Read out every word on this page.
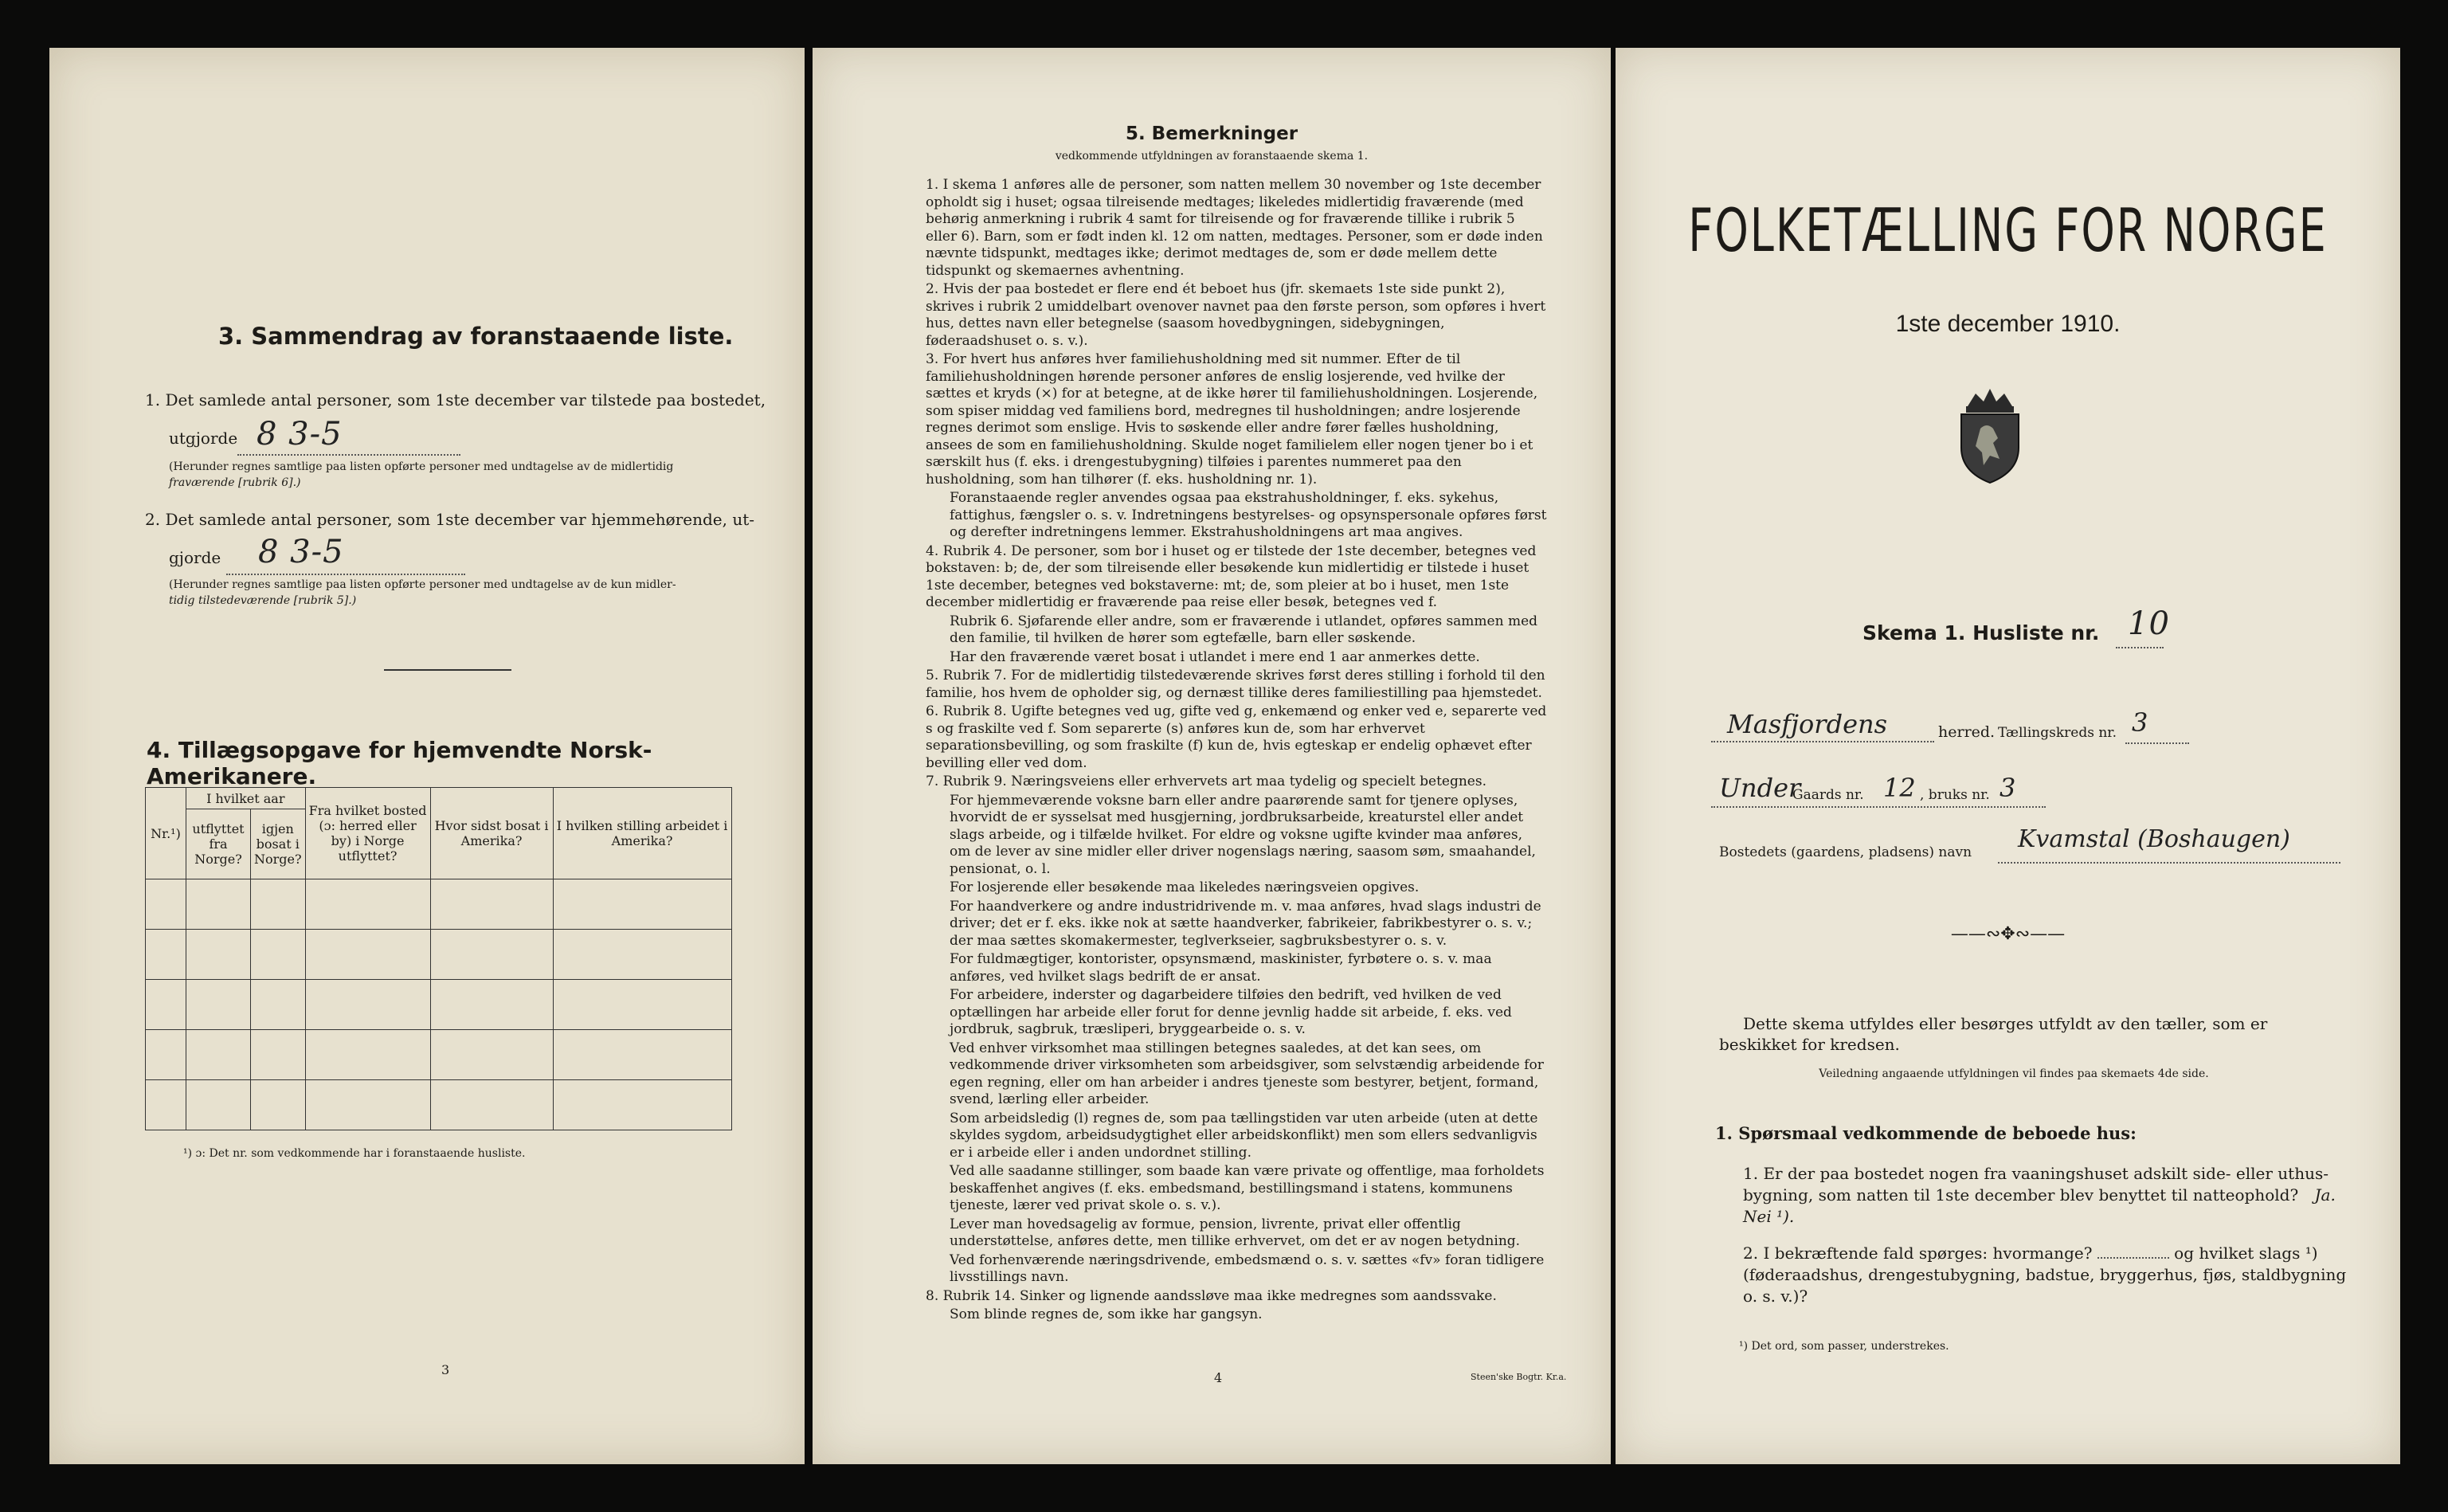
3. Sammendrag av foranstaaende liste.
1. Det samlede antal personer, som 1ste december var tilstede paa bostedet,
utgjorde 8 3-5
(Herunder regnes samtlige paa listen opførte personer med undtagelse av de midlertidig
fraværende [rubrik 6].)
2. Det samlede antal personer, som 1ste december var hjemmehørende, ut-
gjorde 8 3-5
(Herunder regnes samtlige paa listen opførte personer med undtagelse av de kun midler-
tidig tilstedeværende [rubrik 5].)
4. Tillægsopgave for hjemvendte Norsk-Amerikanere.
Nr.¹)	I hvilket aar		Fra hvilket bosted (ɔ: herred eller by) i Norge utflyttet?	Hvor sidst bosat i Amerika?	I hvilken stilling arbeidet i Amerika?
	utflyttet fra Norge?	igjen bosat i Norge?			

¹) ɔ: Det nr. som vedkommende har i foranstaaende husliste.
3
5. Bemerkninger
vedkommende utfyldningen av foranstaaende skema 1.

1. I skema 1 anføres alle de personer, som natten mellem 30 november og 1ste december opholdt sig i huset; ogsaa tilreisende medtages; likeledes midlertidig fraværende (med behørig anmerkning i rubrik 4 samt for tilreisende og for fraværende tillike i rubrik 5 eller 6). Barn, som er født inden kl. 12 om natten, medtages. Personer, som er døde inden nævnte tidspunkt, medtages ikke; derimot medtages de, som er døde mellem dette tidspunkt og skemaernes avhentning.

2. Hvis der paa bostedet er flere end ét beboet hus (jfr. skemaets 1ste side punkt 2), skrives i rubrik 2 umiddelbart ovenover navnet paa den første person, som opføres i hvert hus, dettes navn eller betegnelse (saasom hovedbygningen, sidebygningen, føderaadshuset o. s. v.).

3. For hvert hus anføres hver familiehusholdning med sit nummer. Efter de til familiehusholdningen hørende personer anføres de enslig losjerende, ved hvilke der sættes et kryds (×) for at betegne, at de ikke hører til familiehusholdningen. Losjerende, som spiser middag ved familiens bord, medregnes til husholdningen; andre losjerende regnes derimot som enslige. Hvis to søskende eller andre fører fælles husholdning, ansees de som en familiehusholdning. Skulde noget familielem eller nogen tjener bo i et særskilt hus (f. eks. i drengestubygning) tilføies i parentes nummeret paa den husholdning, som han tilhører (f. eks. husholdning nr. 1).

Foranstaaende regler anvendes ogsaa paa ekstrahusholdninger, f. eks. sykehus, fattighus, fængsler o. s. v. Indretningens bestyrelses- og opsynspersonale opføres først og derefter indretningens lemmer. Ekstrahusholdningens art maa angives.

4. Rubrik 4. De personer, som bor i huset og er tilstede der 1ste december, betegnes ved bokstaven: b; de, der som tilreisende eller besøkende kun midlertidig er tilstede i huset 1ste december, betegnes ved bokstaverne: mt; de, som pleier at bo i huset, men 1ste december midlertidig er fraværende paa reise eller besøk, betegnes ved f.

Rubrik 6. Sjøfarende eller andre, som er fraværende i utlandet, opføres sammen med den familie, til hvilken de hører som egtefælle, barn eller søskende.

Har den fraværende været bosat i utlandet i mere end 1 aar anmerkes dette.

5. Rubrik 7. For de midlertidig tilstedeværende skrives først deres stilling i forhold til den familie, hos hvem de opholder sig, og dernæst tillike deres familiestilling paa hjemstedet.

6. Rubrik 8. Ugifte betegnes ved ug, gifte ved g, enkemænd og enker ved e, separerte ved s og fraskilte ved f. Som separerte (s) anføres kun de, som har erhvervet separationsbevilling, og som fraskilte (f) kun de, hvis egteskap er endelig ophævet efter bevilling eller ved dom.

7. Rubrik 9. Næringsveiens eller erhvervets art maa tydelig og specielt betegnes.

For hjemmeværende voksne barn eller andre paarørende samt for tjenere oplyses, hvorvidt de er sysselsat med husgjerning, jordbruksarbeide, kreaturstel eller andet slags arbeide, og i tilfælde hvilket. For eldre og voksne ugifte kvinder maa anføres, om de lever av sine midler eller driver nogenslags næring, saasom søm, smaahandel, pensionat, o. l.

For losjerende eller besøkende maa likeledes næringsveien opgives.

For haandverkere og andre industridrivende m. v. maa anføres, hvad slags industri de driver; det er f. eks. ikke nok at sætte haandverker, fabrikeier, fabrikbestyrer o. s. v.; der maa sættes skomakermester, teglverkseier, sagbruksbestyrer o. s. v.

For fuldmægtiger, kontorister, opsynsmænd, maskinister, fyrbøtere o. s. v. maa anføres, ved hvilket slags bedrift de er ansat.

For arbeidere, inderster og dagarbeidere tilføies den bedrift, ved hvilken de ved optællingen har arbeide eller forut for denne jevnlig hadde sit arbeide, f. eks. ved jordbruk, sagbruk, træsliperi, bryggearbeide o. s. v.

Ved enhver virksomhet maa stillingen betegnes saaledes, at det kan sees, om vedkommende driver virksomheten som arbeidsgiver, som selvstændig arbeidende for egen regning, eller om han arbeider i andres tjeneste som bestyrer, betjent, formand, svend, lærling eller arbeider.

Som arbeidsledig (l) regnes de, som paa tællingstiden var uten arbeide (uten at dette skyldes sygdom, arbeidsudygtighet eller arbeidskonflikt) men som ellers sedvanligvis er i arbeide eller i anden undordnet stilling.

Ved alle saadanne stillinger, som baade kan være private og offentlige, maa forholdets beskaffenhet angives (f. eks. embedsmand, bestillingsmand i statens, kommunens tjeneste, lærer ved privat skole o. s. v.).

Lever man hovedsagelig av formue, pension, livrente, privat eller offentlig understøttelse, anføres dette, men tillike erhvervet, om det er av nogen betydning.

Ved forhenværende næringsdrivende, embedsmænd o. s. v. sættes «fv» foran tidligere livsstillings navn.

8. Rubrik 14. Sinker og lignende aandssløve maa ikke medregnes som aandssvake.

Som blinde regnes de, som ikke har gangsyn.

4	Steen'ske Bogtr. Kr.a.
FOLKETÆLLING FOR NORGE
1ste december 1910.
Skema 1. Husliste nr. 10
Masfjordens	herred. Tællingskreds nr. 3
Under
Gaards nr. 12 , bruks nr. 3
Bostedets (gaardens, pladsens) navn Kvamstal (Boshaugen)
——∾✥∾——
Dette skema utfyldes eller besørges utfyldt av den tæller, som er beskikket for kredsen.
Veiledning angaaende utfyldningen vil findes paa skemaets 4de side.
1. Spørsmaal vedkommende de beboede hus:
1. Er der paa bostedet nogen fra vaaningshuset adskilt side- eller uthus-bygning, som natten til 1ste december blev benyttet til natteophold? Ja. Nei ¹).
2. I bekræftende fald spørges: hvormange?	og hvilket slags ¹) (føderaadshus, drengestubygning, badstue, bryggerhus, fjøs, staldbygning o. s. v.)?
¹) Det ord, som passer, understrekes.
